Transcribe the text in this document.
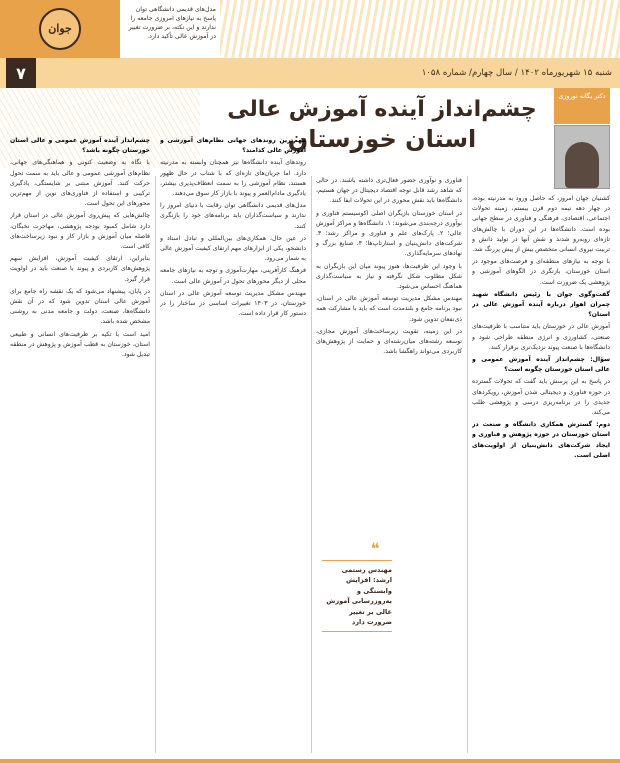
جوان
مدل‌های قدیمی دانشگاهی توان پاسخ به نیازهای امروزی جامعه را ندارند و این نکته، بر ضرورت تغییر در آموزش عالی تأکید دارد.
شنبه ۱۵ شهریورماه ۱۴۰۲ / سال چهارم/ شماره ۱۰۵۸
۷
دکتر یگانه نوروزی
چشم‌انداز آینده آموزش عالی
استان خوزستان

کشتیان جهان امروز، که حاصل ورود به مدرنیته بوده، در چهار دهه نیمه ‌دوم قرن بیستم، زمینه تحولات اجتماعی، اقتصادی، فرهنگی و فناوری در سطح جهانی بوده است. دانشگاه‌ها در این دوران با چالش‌های تازه‌ای روبه‌رو شدند و نقش آنها در تولید دانش و تربیت نیروی انسانی متخصص بیش از پیش پررنگ شد.

با توجه به نیازهای منطقه‌ای و فرصت‌های موجود در استان خوزستان، بازنگری در الگوهای آموزشی و پژوهشی یک ضرورت است.

گفت‌وگوی جوان با رئیس دانشگاه شهید چمران اهواز درباره آینده آموزش عالی در استان؟

آموزش عالی در خوزستان باید متناسب با ظرفیت‌های صنعتی، کشاورزی و انرژی منطقه طراحی شود و دانشگاه‌ها با صنعت پیوند نزدیک‌تری برقرار کنند.

سؤال: چشم‌انداز آینده آموزش عمومی و عالی استان خوزستان چگونه است؟

در پاسخ به این پرسش باید گفت که تحولات گسترده در حوزه فناوری و دیجیتالی شدن آموزش، رویکردهای جدیدی را در برنامه‌ریزی درسی و پژوهشی طلب می‌کند.

دوم: گسترش همکاری دانشگاه و صنعت در استان خوزستان در حوزه پژوهش و فناوری و ایجاد شرکت‌های دانش‌بنیان از اولویت‌های اصلی است.

فناوری و نوآوری حضور فعال‌تری داشته باشند. در حالی که شاهد رشد قابل توجه اقتصاد دیجیتال در جهان هستیم، دانشگاه‌ها باید نقش محوری در این تحولات ایفا کنند.

در استان خوزستان بازیگران اصلی اکوسیستم فناوری و نوآوری درجه‌بندی می‌شوند: ۱. دانشگاه‌ها و مراکز آموزش عالی؛ ۲. پارک‌های علم و فناوری و مراکز رشد؛ ۳. شرکت‌های دانش‌بنیان و استارتاپ‌ها؛ ۴. صنایع بزرگ و نهادهای سرمایه‌گذاری.

با وجود این ظرفیت‌ها، هنوز پیوند میان این بازیگران به شکل مطلوب شکل نگرفته و نیاز به سیاست‌گذاری هماهنگ احساس می‌شود.

مهندس مشکل مدیریت توسعه آموزش عالی در استان، نبود برنامه جامع و بلندمدت است که باید با مشارکت همه ذی‌نفعان تدوین شود.

در این زمینه، تقویت زیرساخت‌های آموزش مجازی، توسعه رشته‌های میان‌رشته‌ای و حمایت از پژوهش‌های کاربردی می‌تواند راهگشا باشد.

مهم‌ترین روندهای جهانی نظام‌های آموزشی و آموزش عالی کدامند؟

روندهای آینده دانشگاه‌ها نیز همچنان وابسته به مدرنیته دارد. اما جریان‌های تازه‌ای که با شتاب در حال ظهور هستند، نظام آموزشی را به سمت انعطاف‌پذیری بیشتر، یادگیری مادام‌العمر و پیوند با بازار کار سوق می‌دهند.

مدل‌های قدیمی دانشگاهی توان رقابت با دنیای امروز را ندارند و سیاست‌گذاران باید برنامه‌های خود را بازنگری کنند.

در عین حال، همکاری‌های بین‌المللی و تبادل استاد و دانشجو، یکی از ابزارهای مهم ارتقای کیفیت آموزش عالی به شمار می‌رود.

فرهنگ کارآفرینی، مهارت‌آموزی و توجه به نیازهای جامعه محلی از دیگر محورهای تحول در آموزش عالی است.

مهندس مشکل مدیریت توسعه آموزش عالی در استان خوزستان، در ۱۴۰۳ تغییرات اساسی در ساختار را در دستور کار قرار داده است.

چشم‌انداز آینده آموزش عمومی و عالی استان خوزستان چگونه باشد؟

با نگاه به وضعیت کنونی و هماهنگی‌های جهانی، نظام‌های آموزشی عمومی و عالی باید به سمت تحول حرکت کنند. آموزش مبتنی بر شایستگی، یادگیری ترکیبی و استفاده از فناوری‌های نوین از مهم‌ترین محورهای این تحول است.

چالش‌هایی که پیش‌روی آموزش عالی در استان قرار دارد شامل کمبود بودجه پژوهشی، مهاجرت نخبگان، فاصله میان آموزش و بازار کار و نبود زیرساخت‌های کافی است.

بنابراین، ارتقای کیفیت آموزش، افزایش سهم پژوهش‌های کاربردی و پیوند با صنعت باید در اولویت قرار گیرد.

در پایان، پیشنهاد می‌شود که یک نقشه راه جامع برای آموزش عالی استان تدوین شود که در آن نقش دانشگاه‌ها، صنعت، دولت و جامعه مدنی به روشنی مشخص شده باشد.

امید است با تکیه بر ظرفیت‌های انسانی و طبیعی استان، خوزستان به قطب آموزش و پژوهش در منطقه تبدیل شود.

❝
مهندس رستمی ارشد: افزایش وابستگی و به‌روزرسانی آموزش عالی بر تغییر ضرورت دارد
